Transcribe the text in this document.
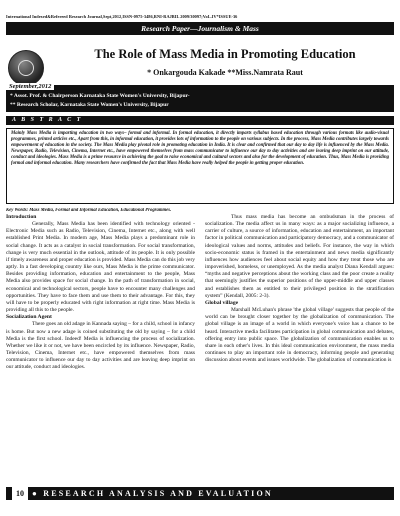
International Indexed&Refereed Research Journal,Sept,2012,ISSN-0975-3486,RNI-RAJBIL 2009/30097;VoL.IV*ISSUE-36
Research Paper—Journalism & Mass
The Role of Mass Media in Promoting Education
* Onkargouda Kakade **Miss.Namrata Raut
* Assot. Prof. & Chairperson Karnataka State Women's University, Bijapur-
** Research Scholar, Karnataka State Women's University, Bijapur
September,2012
A B S T R A C T
Mainly Mass Media is imparting education in two ways– formal and informal. In formal education, it directly imparts syllabus based education through various formats like audio-visual programmes, printed articles etc., Apart from this, in informal education, it provides lots of information to the people on various subjects. In the process, Mass Media contributes largely towards empowerment of education in the society. The Mass Media play pivotal role in promoting education in India. It is clear and confirmed that our day to day life is influenced by the Mass Media. Newspaper, Radio, Television, Cinema, Internet etc., have empowered themselves from mass communicator to influence our day to day activities and are leaving deep imprint on our attitude, conduct and ideologies. Mass Media is a prime resource in achieving the goal to raise economical and cultural sectors and also for the development of education. Thus, Mass Media is providing formal and informal education. Many researchers have confirmed the fact that Mass Media have really helped the people in getting proper education.
Key Words: Mass Media, Formal and Informal Education, Educational Programmes.
Introduction

Generally, Mass Media has been identified with technology oriented - Electronic Media such as Radio, Television, Cinema, Internet etc., along with well established Print Media. In modern age, Mass Media plays a predominant role in social change. It acts as a catalyst in social transformation. For social transformation, change is very much essential in the outlook, attitude of its people. It is only possible if timely awareness and proper education is provided. Mass Media can do this job very aptly. In a fast developing country like ours, Mass Media is the prime communicator. Besides providing information, education and entertainment to the people, Mass Media also provides space for social change. In the path of transformation in social, economical and technological sectors, people have to encounter many challenges and opportunities. They have to face them and use them to their advantage. For this, they will have to be properly educated with right information at right time. Mass Media is providing all this to the people.

Socialization Agent

There goes an old adage in Kannada saying – for a child, school in infancy is home. But now a new adage is coined substituting the old by saying – for a child Media is the first school. Indeed! Media is influencing the process of socialization. Whether we like it or not, we have been encircled by its influence. Newspaper, Radio, Television, Cinema, Internet etc., have empowered themselves from mass communicator to influence our day to day activities and are leaving deep imprint on our attitude, conduct and ideologies.

Thus mass media has become an ombudsman in the process of socialization. The media affect us in many ways: as a major socializing influence, a carrier of culture, a source of information, education and entertainment, an important factor in political communication and participatory democracy, and a communicator of ideological values and norms, attitudes and beliefs. For instance, the way in which socio-economic status is framed in the entertainment and news media significantly influences how audiences feel about social equity and how they treat those who are impoverished, homeless, or unemployed. As the media analyst Diana Kendall argues: “myths and negative perceptions about the working class and the poor create a reality that seemingly justifies the superior positions of the upper-middle and upper classes and establishes them as entitled to their privileged position in the stratification system” (Kendall, 2005: 2-3).

Global village

Marshall McLuhan's phrase 'the global village' suggests that people of the world can be brought closer together by the globalization of communication. The global village is an image of a world in which everyone's voice has a chance to be heard. Interactive media facilitates participation in global communication and debates, offering entry into public space. The globalization of communication enables us to share in each other's lives. In this ideal communication environment, the mass media continues to play an important role in democracy, informing people and generating discussion about events and issues worldwide. The globalization of communication is

10 ● RESEARCH ANALYSIS AND EVALUATION
